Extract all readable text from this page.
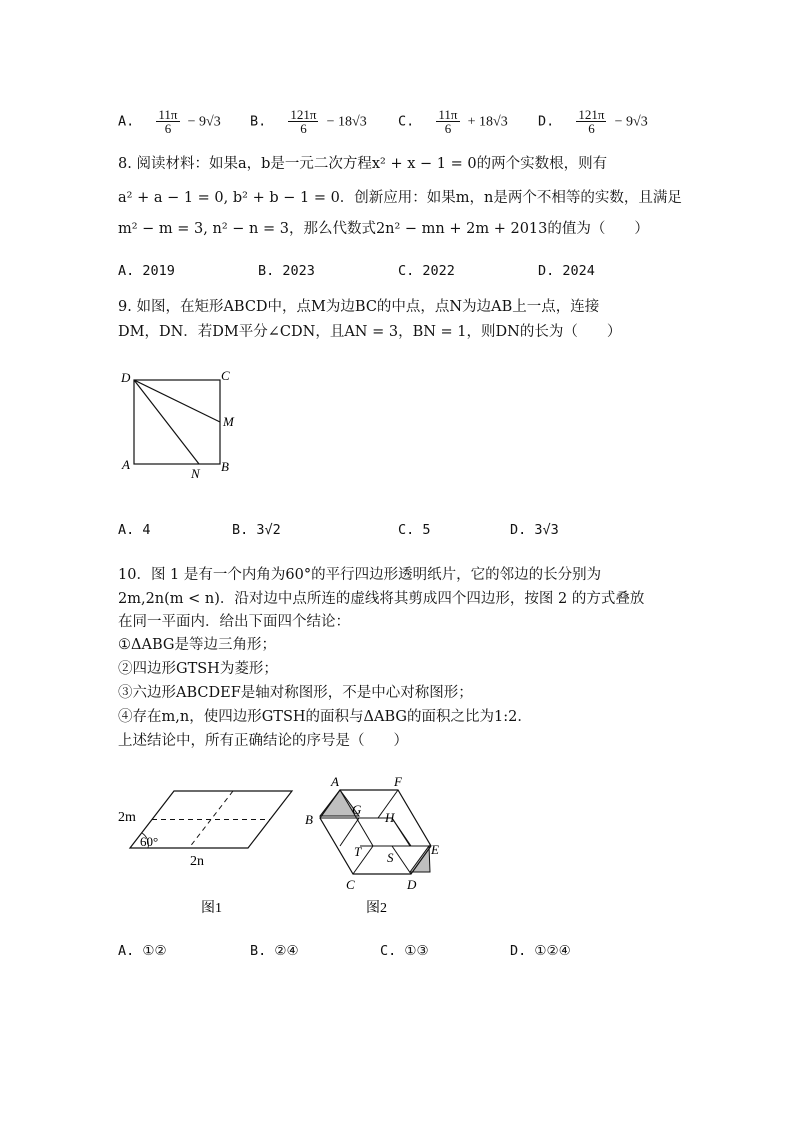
A. $\frac{11\pi}{6} - 9√3$ B. $\frac{121\pi}{6} - 18√3$ C. $\frac{11\pi}{6} + 18√3$ D. $\frac{121\pi}{6} - 9√3$
8. 阅读材料：如果a，b是一元二次方程x² + x − 1 = 0的两个实数根，则有
a² + a − 1 = 0, b² + b − 1 = 0．创新应用：如果m，n是两个不相等的实数，且满足
m² − m = 3, n² − n = 3，那么代数式2n² − mn + 2m + 2013的值为（　　）
A. 2019	B. 2023	C. 2022	D. 2024
9. 如图，在矩形ABCD中，点M为边BC的中点，点N为边AB上一点，连接
DM，DN．若DM平分∠CDN，且AN = 3，BN = 1，则DN的长为（　　）
D	C
M
A
N B
A. 4	B. 3√2	C. 5	D. 3√3
10．图 1 是有一个内角为60°的平行四边形透明纸片，它的邻边的长分别为
2m,2n(m < n)．沿对边中点所连的虚线将其剪成四个四边形，按图 2 的方式叠放
在同一平面内．给出下面四个结论：
①ΔABG是等边三角形；
②四边形GTSH为菱形；
③六边形ABCDEF是轴对称图形，不是中心对称图形；
④存在m,n，使四边形GTSH的面积与ΔABG的面积之比为1:2．
上述结论中，所有正确结论的序号是（　　）
2m
60°
2n
图1
A	F
B
G
H
T S
E
C	D
图2
A. ①②	B. ②④	C. ①③	D. ①②④
